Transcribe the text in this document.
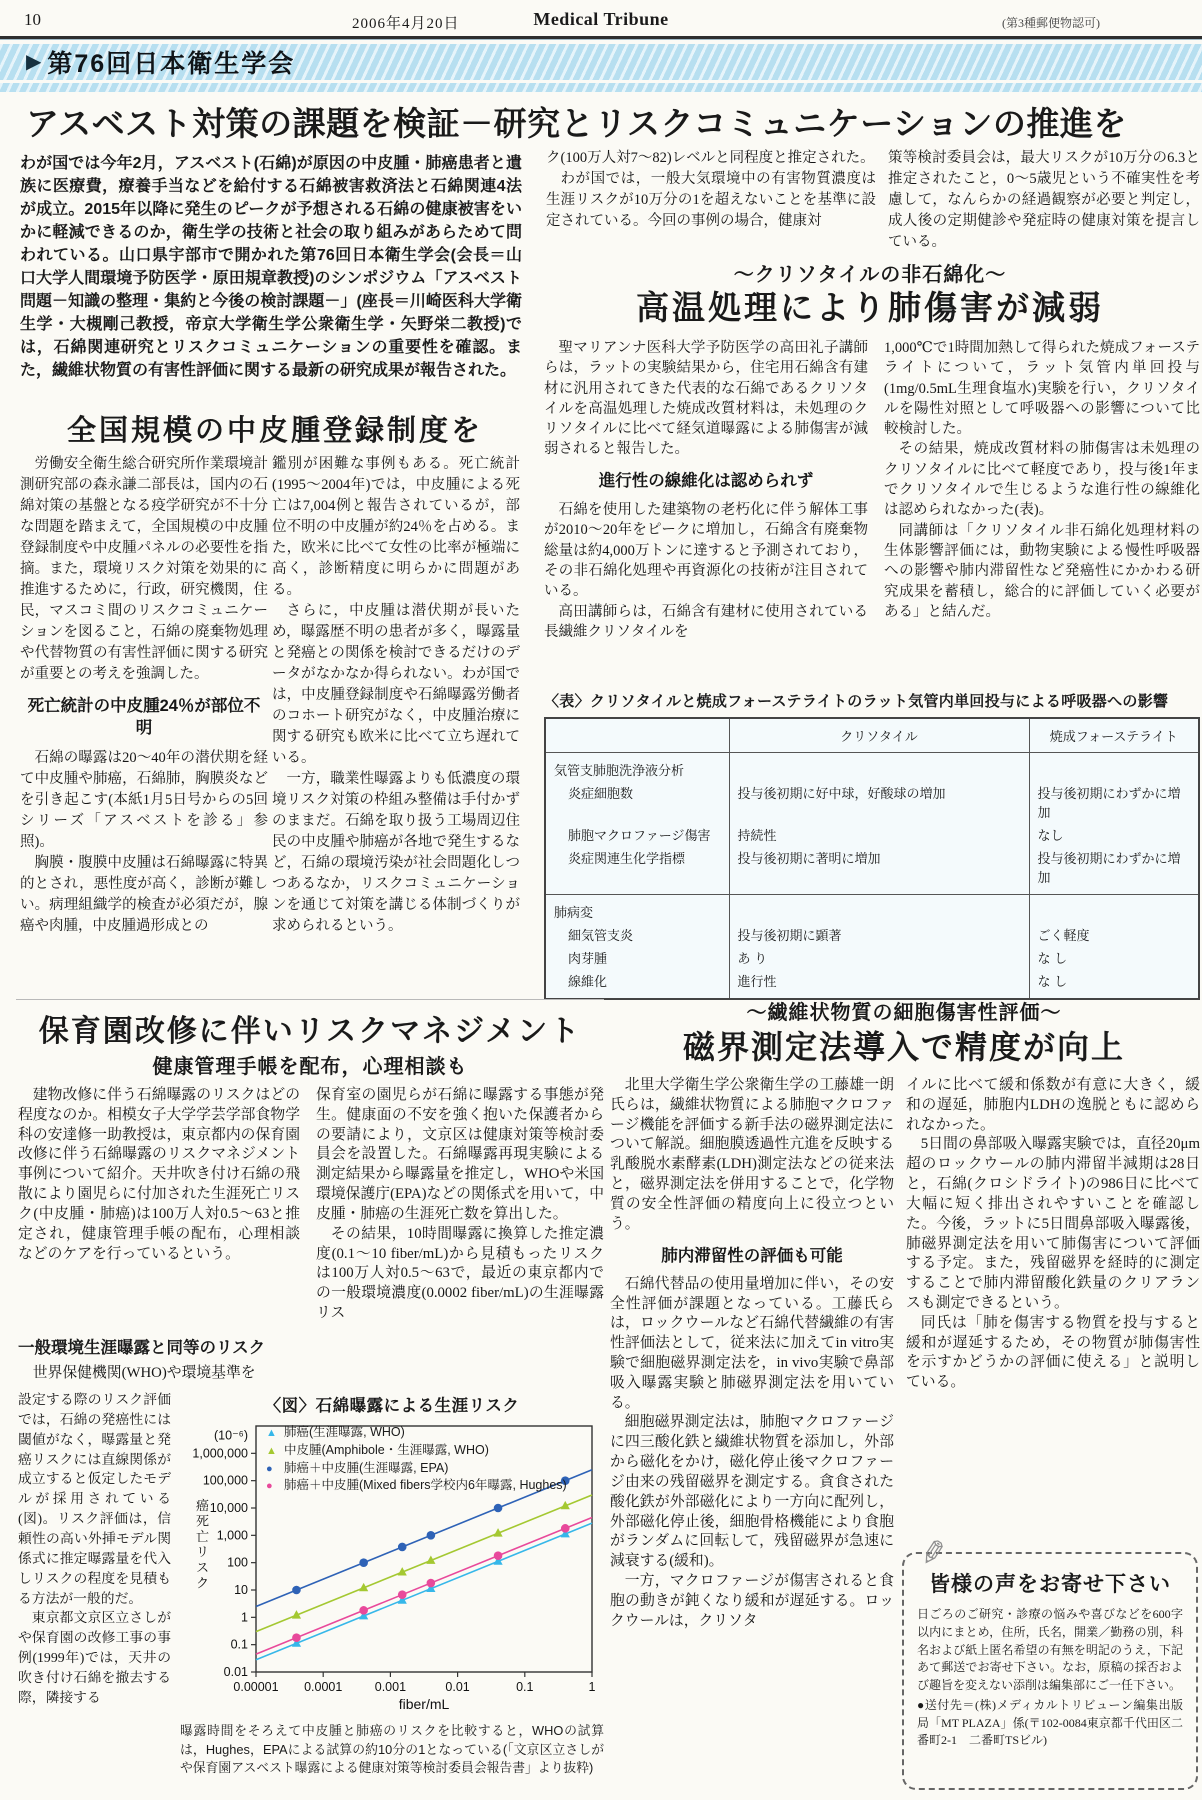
10	2006年4月20日	Medical Tribune	(第3種郵便物認可)
▶ 第76回日本衛生学会
アスベスト対策の課題を検証－研究とリスクコミュニケーションの推進を
わが国では今年2月，アスベスト(石綿)が原因の中皮腫・肺癌患者と遺族に医療費，療養手当などを給付する石綿被害救済法と石綿関連4法が成立。2015年以降に発生のピークが予想される石綿の健康被害をいかに軽減できるのか，衛生学の技術と社会の取り組みがあらためて問われている。山口県宇部市で開かれた第76回日本衛生学会(会長＝山口大学人間環境予防医学・原田規章教授)のシンポジウム「アスベスト問題－知識の整理・集約と今後の検討課題－」(座長＝川崎医科大学衛生学・大槻剛己教授，帝京大学衛生学公衆衛生学・矢野栄二教授)では，石綿関連研究とリスクコミュニケーションの重要性を確認。また，繊維状物質の有害性評価に関する最新の研究成果が報告された。

ク(100万人対7〜82)レベルと同程度と推定された。

わが国では，一般大気環境中の有害物質濃度は生涯リスクが10万分の1を超えないことを基準に設定されている。今回の事例の場合，健康対

策等検討委員会は，最大リスクが10万分の6.3と推定されたこと，0〜5歳児という不確実性を考慮して，なんらかの経過観察が必要と判定し，成人後の定期健診や発症時の健康対策を提言している。

〜クリソタイルの非石綿化〜
高温処理により肺傷害が減弱

聖マリアンナ医科大学予防医学の高田礼子講師らは，ラットの実験結果から，住宅用石綿含有建材に汎用されてきた代表的な石綿であるクリソタイルを高温処理した焼成改質材料は，未処理のクリソタイルに比べて経気道曝露による肺傷害が減弱されると報告した。

進行性の線維化は認められず

石綿を使用した建築物の老朽化に伴う解体工事が2010〜20年をピークに増加し，石綿含有廃棄物総量は約4,000万トンに達すると予測されており，その非石綿化処理や再資源化の技術が注目されている。

高田講師らは，石綿含有建材に使用されている長繊維クリソタイルを

1,000℃で1時間加熱して得られた焼成フォーステライトについて，ラット気管内単回投与(1mg/0.5mL生理食塩水)実験を行い，クリソタイルを陽性対照として呼吸器への影響について比較検討した。

その結果，焼成改質材料の肺傷害は未処理のクリソタイルに比べて軽度であり，投与後1年までクリソタイルで生じるような進行性の線維化は認められなかった(表)。

同講師は「クリソタイル非石綿化処理材料の生体影響評価には，動物実験による慢性呼吸器への影響や肺内滞留性など発癌性にかかわる研究成果を蓄積し，総合的に評価していく必要がある」と結んだ。

〈表〉クリソタイルと焼成フォーステライトのラット気管内単回投与による呼吸器への影響
	クリソタイル	焼成フォーステライト
気管支肺胞洗浄液分析		
炎症細胞数	投与後初期に好中球，好酸球の増加	投与後初期にわずかに増加
肺胞マクロファージ傷害	持続性	なし
炎症関連生化学指標	投与後初期に著明に増加	投与後初期にわずかに増加
肺病変		
細気管支炎	投与後初期に顕著	ごく軽度
肉芽腫	あ り	な し
線維化	進行性	な し
全国規模の中皮腫登録制度を

労働安全衛生総合研究所作業環境計測研究部の森永謙二部長は，国内の石綿対策の基盤となる疫学研究が不十分な問題を踏まえて，全国規模の中皮腫登録制度や中皮腫パネルの必要性を指摘。また，環境リスク対策を効果的に推進するために，行政，研究機関，住民，マスコミ間のリスクコミュニケーションを図ること，石綿の廃棄物処理や代替物質の有害性評価に関する研究が重要との考えを強調した。

死亡統計の中皮腫24％が部位不明

石綿の曝露は20〜40年の潜伏期を経て中皮腫や肺癌，石綿肺，胸膜炎などを引き起こす(本紙1月5日号からの5回シリーズ「アスベストを診る」参照)。

胸膜・腹膜中皮腫は石綿曝露に特異的とされ，悪性度が高く，診断が難しい。病理組織学的検査が必須だが，腺癌や肉腫，中皮腫過形成との

鑑別が困難な事例もある。死亡統計(1995〜2004年)では，中皮腫による死亡は7,004例と報告されているが，部位不明の中皮腫が約24％を占める。また，欧米に比べて女性の比率が極端に高く，診断精度に明らかに問題がある。

さらに，中皮腫は潜伏期が長いため，曝露歴不明の患者が多く，曝露量と発癌との関係を検討できるだけのデータがなかなか得られない。わが国では，中皮腫登録制度や石綿曝露労働者のコホート研究がなく，中皮腫治療に関する研究も欧米に比べて立ち遅れている。

一方，職業性曝露よりも低濃度の環境リスク対策の枠組み整備は手付かずのままだ。石綿を取り扱う工場周辺住民の中皮腫や肺癌が各地で発生するなど，石綿の環境汚染が社会問題化しつつあるなか，リスクコミュニケーションを通じて対策を講じる体制づくりが求められるという。

保育園改修に伴いリスクマネジメント
健康管理手帳を配布，心理相談も

建物改修に伴う石綿曝露のリスクはどの程度なのか。相模女子大学学芸学部食物学科の安達修一助教授は，東京都内の保育園改修に伴う石綿曝露のリスクマネジメント事例について紹介。天井吹き付け石綿の飛散により園児らに付加された生涯死亡リスク(中皮腫・肺癌)は100万人対0.5〜63と推定され，健康管理手帳の配布，心理相談などのケアを行っているという。

一般環境生涯曝露と同等のリスク

世界保健機関(WHO)や環境基準を

設定する際のリスク評価では，石綿の発癌性には閾値がなく，曝露量と発癌リスクには直線関係が成立すると仮定したモデルが採用されている(図)。リスク評価は，信頼性の高い外挿モデル関係式に推定曝露量を代入しリスクの程度を見積もる方法が一般的だ。

東京都文京区立さしがや保育園の改修工事の事例(1999年)では，天井の吹き付け石綿を撤去する際，隣接する

保育室の園児らが石綿に曝露する事態が発生。健康面の不安を強く抱いた保護者からの要請により，文京区は健康対策等検討委員会を設置した。石綿曝露再現実験による測定結果から曝露量を推定し，WHOや米国環境保護庁(EPA)などの関係式を用いて，中皮腫・肺癌の生涯死亡数を算出した。

その結果，10時間曝露に換算した推定濃度(0.1〜10 fiber/mL)から見積もったリスクは100万人対0.5〜63で，最近の東京都内での一般環境濃度(0.0002 fiber/mL)の生涯曝露リス

〈図〉石綿曝露による生涯リスク
1,000,000
100,000
10,000
1,000
100
10
1
0.1
0.01
0.00001 0.0001	0.001	0.01	0.1	1
fiber/mL
(10⁻⁶)
癌
死
亡
リ
ス
ク
▲ 肺癌(生涯曝露, WHO)
▲ 中皮腫(Amphibole・生涯曝露, WHO)
● 肺癌＋中皮腫(生涯曝露, EPA)
● 肺癌＋中皮腫(Mixed fibers学校内6年曝露, Hughes)
曝露時間をそろえて中皮腫と肺癌のリスクを比較すると，WHOの試算は，Hughes，EPAによる試算の約10分の1となっている(「文京区立さしがや保育園アスベスト曝露による健康対策等検討委員会報告書」より抜粋)
〜繊維状物質の細胞傷害性評価〜
磁界測定法導入で精度が向上

北里大学衛生学公衆衛生学の工藤雄一朗氏らは，繊維状物質による肺胞マクロファージ機能を評価する新手法の磁界測定法について解説。細胞膜透過性亢進を反映する乳酸脱水素酵素(LDH)測定法などの従来法と，磁界測定法を併用することで，化学物質の安全性評価の精度向上に役立つという。

肺内滞留性の評価も可能

石綿代替品の使用量増加に伴い，その安全性評価が課題となっている。工藤氏らは，ロックウールなど石綿代替繊維の有害性評価法として，従来法に加えてin vitro実験で細胞磁界測定法を，in vivo実験で鼻部吸入曝露実験と肺磁界測定法を用いている。

細胞磁界測定法は，肺胞マクロファージに四三酸化鉄と繊維状物質を添加し，外部から磁化をかけ，磁化停止後マクロファージ由来の残留磁界を測定する。貪食された酸化鉄が外部磁化により一方向に配列し，外部磁化停止後，細胞骨格機能により食胞がランダムに回転して，残留磁界が急速に減衰する(緩和)。

一方，マクロファージが傷害されると食胞の動きが鈍くなり緩和が遅延する。ロックウールは，クリソタ

イルに比べて緩和係数が有意に大きく，緩和の遅延，肺胞内LDHの逸脱ともに認められなかった。

5日間の鼻部吸入曝露実験では，直径20μm超のロックウールの肺内滞留半減期は28日と，石綿(クロシドライト)の986日に比べて大幅に短く排出されやすいことを確認した。今後，ラットに5日間鼻部吸入曝露後，肺磁界測定法を用いて肺傷害について評価する予定。また，残留磁界を経時的に測定することで肺内滞留酸化鉄量のクリアランスも測定できるという。

同氏は「肺を傷害する物質を投与すると緩和が遅延するため，その物質が肺傷害性を示すかどうかの評価に使える」と説明している。

✎
皆様の声をお寄せ下さい
日ごろのご研究・診療の悩みや喜びなどを600字以内にまとめ，住所，氏名，開業／勤務の別，科名および紙上匿名希望の有無を明記のうえ，下記あて郵送でお寄せ下さい。なお，原稿の採否および趣旨を変えない添削は編集部にご一任下さい。
●送付先＝(株)メディカルトリビューン編集出版局「MT PLAZA」係(〒102-0084東京都千代田区二番町2-1　二番町TSビル)
